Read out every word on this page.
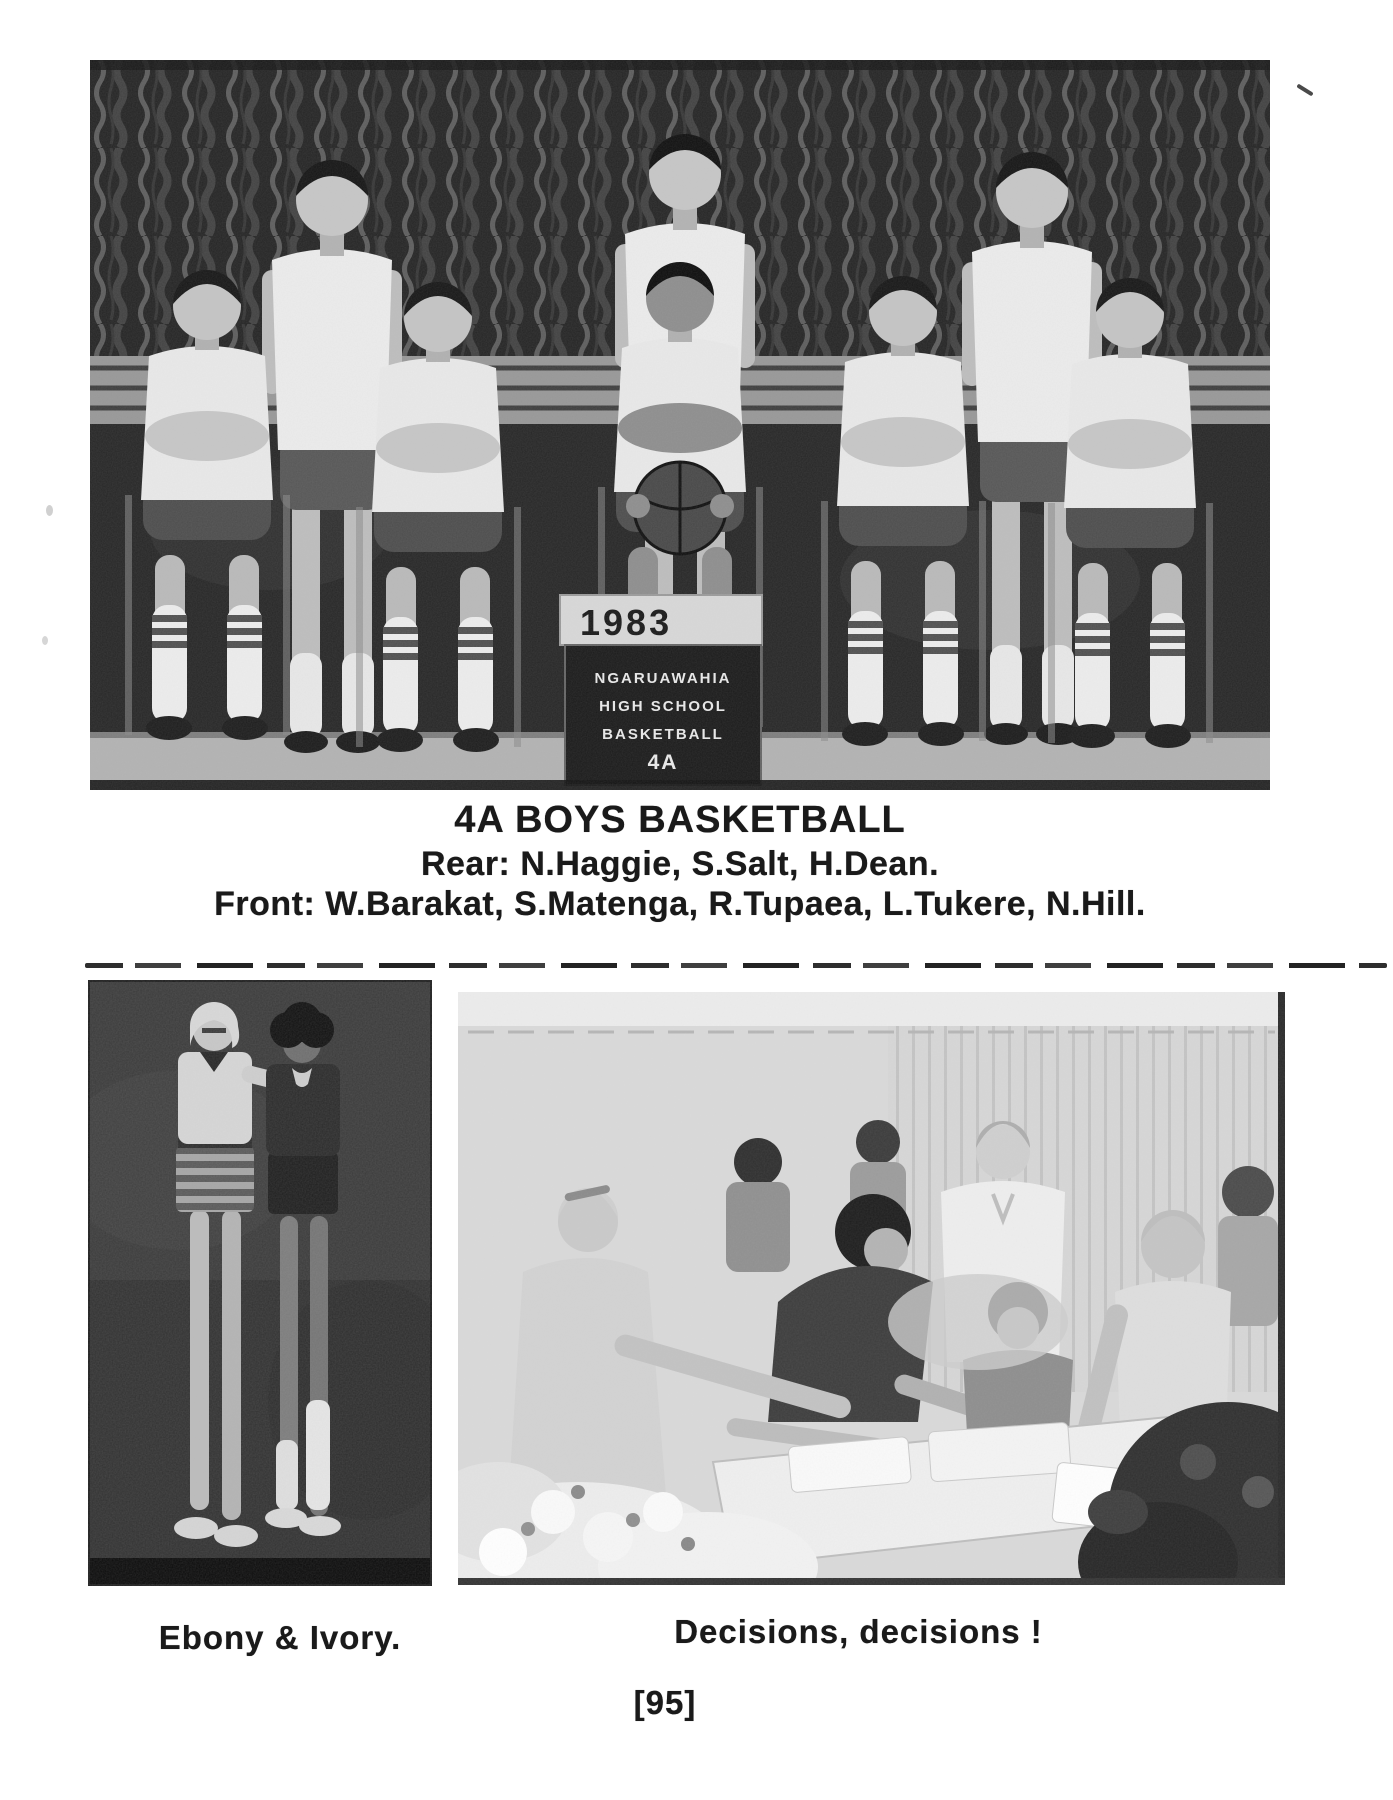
1983
NGARUAWAHIA
HIGH SCHOOL
BASKETBALL
4A
4A BOYS BASKETBALL
Rear: N.Haggie, S.Salt, H.Dean.
Front: W.Barakat, S.Matenga, R.Tupaea, L.Tukere, N.Hill.
Ebony & Ivory.	Decisions, decisions !
[95]
